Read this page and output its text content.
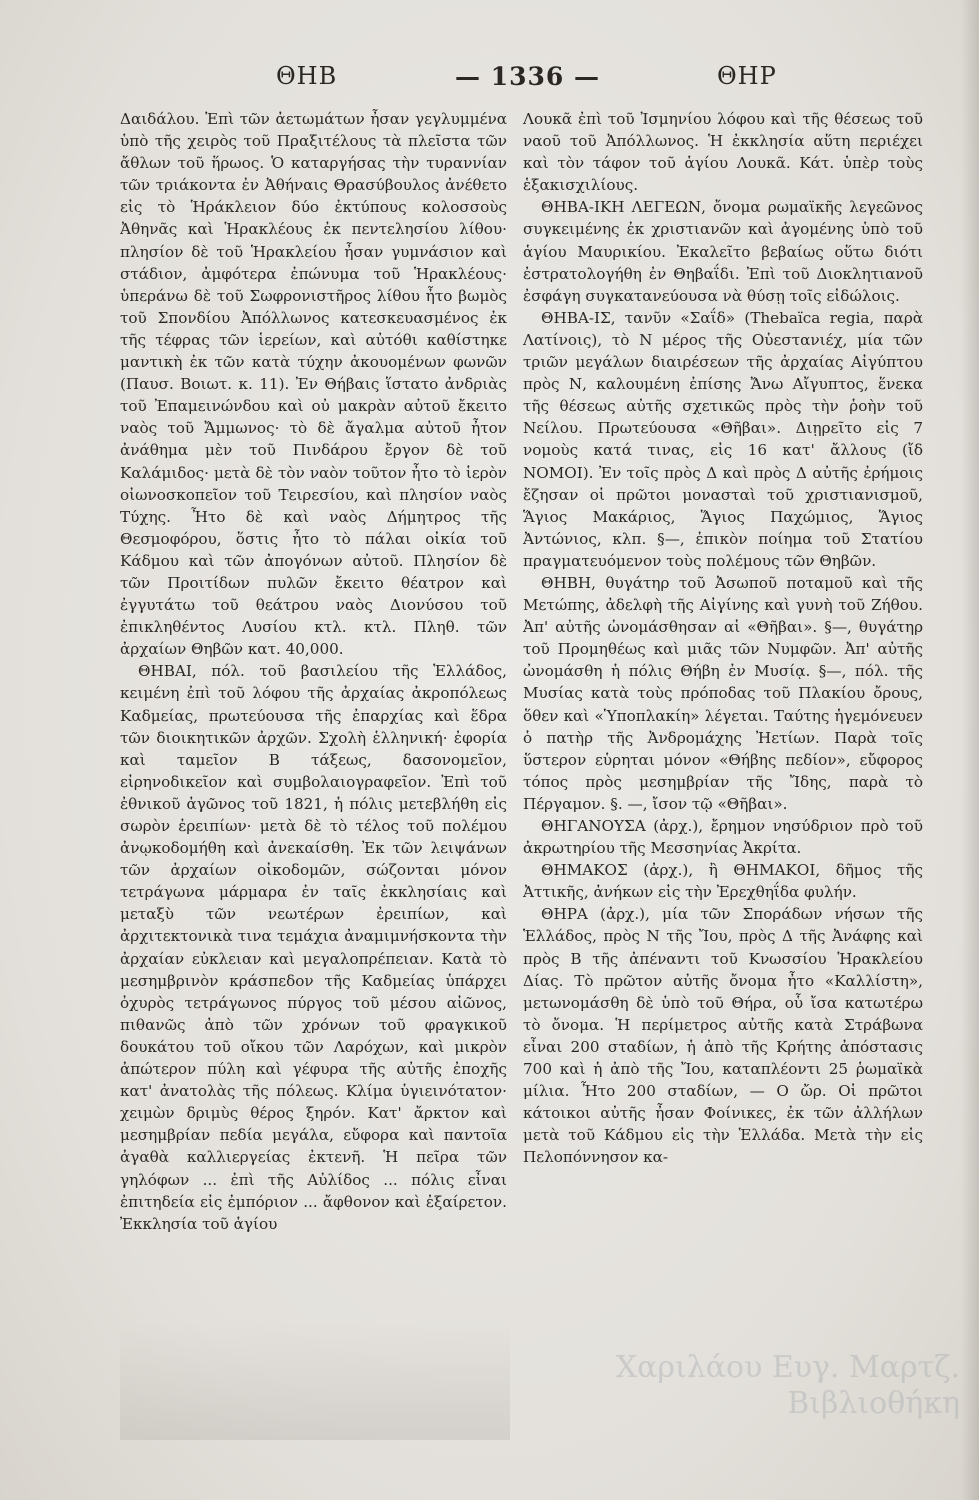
ΘΗΒ	— 1336 —	ΘΗΡ

Δαιδάλου. Ἐπὶ τῶν ἀετωμάτων ἦσαν γεγλυμμένα ὑπὸ τῆς χειρὸς τοῦ Πραξιτέλους τὰ πλεῖστα τῶν ἄθλων τοῦ ἥρωος. Ὁ καταργήσας τὴν τυραννίαν τῶν τριάκοντα ἐν Ἀθήναις Θρασύβουλος ἀνέθετο εἰς τὸ Ἡράκλειον δύο ἐκτύπους κολοσσοὺς Ἀθηνᾶς καὶ Ἡρακλέους ἐκ πεντελησίου λίθου· πλησίον δὲ τοῦ Ἡρακλείου ἦσαν γυμνάσιον καὶ στάδιον, ἀμφότερα ἐπώνυμα τοῦ Ἡρακλέους· ὑπεράνω δὲ τοῦ Σωφρονιστῆρος λίθου ἦτο βωμὸς τοῦ Σπονδίου Ἀπόλλωνος κατεσκευασμένος ἐκ τῆς τέφρας τῶν ἱερείων, καὶ αὐτόθι καθίστηκε μαντικὴ ἐκ τῶν κατὰ τύχην ἀκουομένων φωνῶν (Παυσ. Βοιωτ. κ. 11). Ἐν Θήβαις ἵστατο ἀνδριὰς τοῦ Ἐπαμεινώνδου καὶ οὐ μακρὰν αὐτοῦ ἔκειτο ναὸς τοῦ Ἄμμωνος· τὸ δὲ ἄγαλμα αὐτοῦ ἦτον ἀνάθημα μὲν τοῦ Πινδάρου ἔργον δὲ τοῦ Καλάμιδος· μετὰ δὲ τὸν ναὸν τοῦτον ἦτο τὸ ἱερὸν οἰωνοσκοπεῖον τοῦ Τειρεσίου, καὶ πλησίον ναὸς Τύχης. Ἦτο δὲ καὶ ναὸς Δήμητρος τῆς Θεσμοφόρου, ὅστις ἦτο τὸ πάλαι οἰκία τοῦ Κάδμου καὶ τῶν ἀπογόνων αὐτοῦ. Πλησίον δὲ τῶν Προιτίδων πυλῶν ἔκειτο θέατρον καὶ ἐγγυτάτω τοῦ θεάτρου ναὸς Διονύσου τοῦ ἐπικληθέντος Λυσίου κτλ. κτλ. Πληθ. τῶν ἀρχαίων Θηβῶν κατ. 40,000.

ΘΗΒΑΙ, πόλ. τοῦ βασιλείου τῆς Ἑλλάδος, κειμένη ἐπὶ τοῦ λόφου τῆς ἀρχαίας ἀκροπόλεως Καδμείας, πρωτεύουσα τῆς ἐπαρχίας καὶ ἕδρα τῶν διοικητικῶν ἀρχῶν. Σχολὴ ἑλληνική· ἐφορία καὶ ταμεῖον Β τάξεως, δασονομεῖον, εἰρηνοδικεῖον καὶ συμβολαιογραφεῖον. Ἐπὶ τοῦ ἐθνικοῦ ἀγῶνος τοῦ 1821, ἡ πόλις μετεβλήθη εἰς σωρὸν ἐρειπίων· μετὰ δὲ τὸ τέλος τοῦ πολέμου ἀνῳκοδομήθη καὶ ἀνεκαίσθη. Ἐκ τῶν λειψάνων τῶν ἀρχαίων οἰκοδομῶν, σώζονται μόνον τετράγωνα μάρμαρα ἐν ταῖς ἐκκλησίαις καὶ μεταξὺ τῶν νεωτέρων ἐρειπίων, καὶ ἀρχιτεκτονικὰ τινα τεμάχια ἀναμιμνήσκοντα τὴν ἀρχαίαν εὐκλειαν καὶ μεγαλοπρέπειαν. Κατὰ τὸ μεσημβρινὸν κράσπεδον τῆς Καδμείας ὑπάρχει ὀχυρὸς τετράγωνος πύργος τοῦ μέσου αἰῶνος, πιθανῶς ἀπὸ τῶν χρόνων τοῦ φραγκικοῦ δουκάτου τοῦ οἴκου τῶν Λαρόχων, καὶ μικρὸν ἀπώτερον πύλη καὶ γέφυρα τῆς αὐτῆς ἐποχῆς κατ' ἀνατολὰς τῆς πόλεως. Κλίμα ὑγιεινότατον· χειμὼν δριμὺς θέρος ξηρόν. Κατ' ἄρκτον καὶ μεσημβρίαν πεδία μεγάλα, εὔφορα καὶ παντοῖα ἀγαθὰ καλλιεργείας ἐκτενῆ. Ἡ πεῖρα τῶν γηλόφων ... ἐπὶ τῆς Αὐλίδος ... πόλις εἶναι ἐπιτηδεία εἰς ἐμπόριον ... ἄφθονον καὶ ἐξαίρετον. Ἐκκλησία τοῦ ἁγίου

Λουκᾶ ἐπὶ τοῦ Ἰσμηνίου λόφου καὶ τῆς θέσεως τοῦ ναοῦ τοῦ Ἀπόλλωνος. Ἡ ἐκκλησία αὕτη περιέχει καὶ τὸν τάφον τοῦ ἁγίου Λουκᾶ. Κάτ. ὑπὲρ τοὺς ἑξακισχιλίους.

ΘΗΒΑ-ΙΚΗ ΛΕΓΕΩΝ, ὄνομα ρωμαϊκῆς λεγεῶνος συγκειμένης ἐκ χριστιανῶν καὶ ἀγομένης ὑπὸ τοῦ ἁγίου Μαυρικίου. Ἐκαλεῖτο βεβαίως οὕτω διότι ἐστρατολογήθη ἐν Θηβαΐδι. Ἐπὶ τοῦ Διοκλητιανοῦ ἐσφάγη συγκατανεύουσα νὰ θύσῃ τοῖς εἰδώλοις.

ΘΗΒΑ-ΙΣ, τανῦν «Σαΐδ» (Thebaïca regia, παρὰ Λατίνοις), τὸ Ν μέρος τῆς Οὐεστανιέχ, μία τῶν τριῶν μεγάλων διαιρέσεων τῆς ἀρχαίας Αἰγύπτου πρὸς Ν, καλουμένη ἐπίσης Ἄνω Αἴγυπτος, ἕνεκα τῆς θέσεως αὐτῆς σχετικῶς πρὸς τὴν ῥοὴν τοῦ Νείλου. Πρωτεύουσα «Θῆβαι». Διῃρεῖτο εἰς 7 νομοὺς κατά τινας, εἰς 16 κατ' ἄλλους (ἴδ ΝΟΜΟΙ). Ἐν τοῖς πρὸς Δ καὶ πρὸς Δ αὐτῆς ἐρήμοις ἔζησαν οἱ πρῶτοι μονασταὶ τοῦ χριστιανισμοῦ, Ἅγιος Μακάριος, Ἅγιος Παχώμιος, Ἅγιος Ἀντώνιος, κλπ. §—, ἐπικὸν ποίημα τοῦ Στατίου πραγματευόμενον τοὺς πολέμους τῶν Θηβῶν.

ΘΗΒΗ, θυγάτηρ τοῦ Ἀσωποῦ ποταμοῦ καὶ τῆς Μετώπης, ἀδελφὴ τῆς Αἰγίνης καὶ γυνὴ τοῦ Ζήθου. Ἀπ' αὐτῆς ὠνομάσθησαν αἱ «Θῆβαι». §—, θυγάτηρ τοῦ Προμηθέως καὶ μιᾶς τῶν Νυμφῶν. Ἀπ' αὐτῆς ὠνομάσθη ἡ πόλις Θήβη ἐν Μυσίᾳ. §—, πόλ. τῆς Μυσίας κατὰ τοὺς πρόποδας τοῦ Πλακίου ὄρους, ὅθεν καὶ «Ὑποπλακίη» λέγεται. Ταύτης ἡγεμόνευεν ὁ πατὴρ τῆς Ἀνδρομάχης Ἠετίων. Παρὰ τοῖς ὕστερον εὑρηται μόνον «Θήβης πεδίον», εὔφορος τόπος πρὸς μεσημβρίαν τῆς Ἴδης, παρὰ τὸ Πέργαμον. §. —, ἴσον τῷ «Θῆβαι».

ΘΗΓΑΝΟΥΣΑ (ἀρχ.), ἔρημον νησύδριον πρὸ τοῦ ἀκρωτηρίου τῆς Μεσσηνίας Ἀκρίτα.

ΘΗΜΑΚΟΣ (ἀρχ.), ἢ ΘΗΜΑΚΟΙ, δῆμος τῆς Ἀττικῆς, ἀνήκων εἰς τὴν Ἐρεχθηΐδα φυλήν.

ΘΗΡΑ (ἀρχ.), μία τῶν Σποράδων νήσων τῆς Ἑλλάδος, πρὸς Ν τῆς Ἴου, πρὸς Δ τῆς Ἀνάφης καὶ πρὸς Β τῆς ἀπέναντι τοῦ Κνωσσίου Ἡρακλείου Δίας. Τὸ πρῶτον αὐτῆς ὄνομα ἦτο «Καλλίστη», μετωνομάσθη δὲ ὑπὸ τοῦ Θήρα, οὗ ἴσα κατωτέρω τὸ ὄνομα. Ἡ περίμετρος αὐτῆς κατὰ Στράβωνα εἶναι 200 σταδίων, ἡ ἀπὸ τῆς Κρήτης ἀπόστασις 700 καὶ ἡ ἀπὸ τῆς Ἴου, καταπλέοντι 25 ῥωμαϊκὰ μίλια. Ἦτο 200 σταδίων, — Ο ὤρ. Οἱ πρῶτοι κάτοικοι αὐτῆς ἦσαν Φοίνικες, ἐκ τῶν ἀλλήλων μετὰ τοῦ Κάδμου εἰς τὴν Ἑλλάδα. Μετὰ τὴν εἰς Πελοπόννησον κα-

Χαριλάου Ευγ. Μαρτζ. Βιβλιοθήκη
